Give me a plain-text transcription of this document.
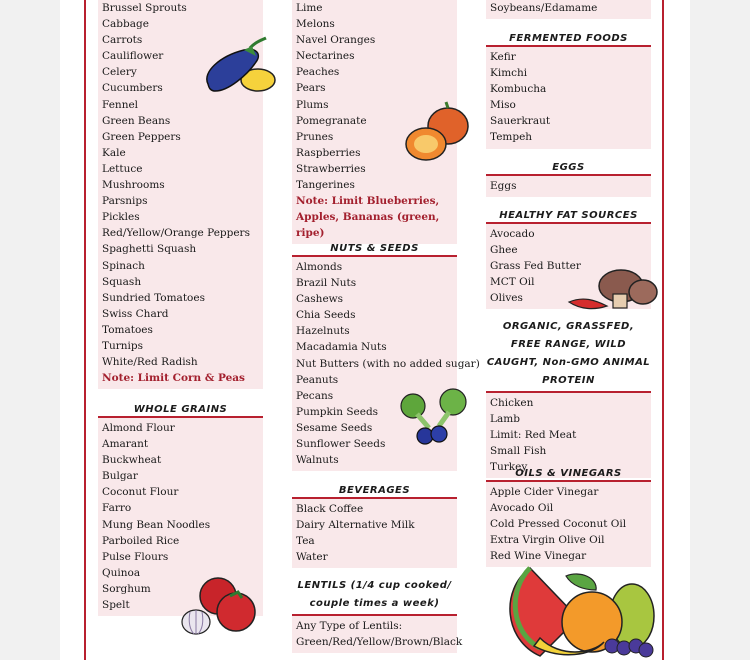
Brussel Sprouts
Cabbage
Carrots
Cauliflower
Celery
Cucumbers
Fennel
Green Beans
Green Peppers
Kale
Lettuce
Mushrooms
Parsnips
Pickles
Red/Yellow/Orange Peppers
Spaghetti Squash
Spinach
Squash
Sundried Tomatoes
Swiss Chard
Tomatoes
Turnips
White/Red Radish
Note: Limit Corn & Peas
WHOLE GRAINS
Almond Flour
Amarant
Buckwheat
Bulgar
Coconut Flour
Farro
Mung Bean Noodles
Parboiled Rice
Pulse Flours
Quinoa
Sorghum
Spelt
Lime
Melons
Navel Oranges
Nectarines
Peaches
Pears
Plums
Pomegranate
Prunes
Raspberries
Strawberries
Tangerines
Note: Limit Blueberries, Apples, Bananas (green, ripe)
NUTS & SEEDS
Almonds
Brazil Nuts
Cashews
Chia Seeds
Hazelnuts
Macadamia Nuts
Nut Butters (with no added sugar)
Peanuts
Pecans
Pumpkin Seeds
Sesame Seeds
Sunflower Seeds
Walnuts
BEVERAGES
Black Coffee
Dairy Alternative Milk
Tea
Water
LENTILS (1/4 cup cooked/ couple times a week)
Any Type of Lentils: Green/Red/Yellow/Brown/Black
Soybeans/Edamame
FERMENTED FOODS
Kefir
Kimchi
Kombucha
Miso
Sauerkraut
Tempeh
EGGS
Eggs
HEALTHY FAT SOURCES
Avocado
Ghee
Grass Fed Butter
MCT Oil
Olives
ORGANIC, GRASSFED, FREE RANGE, WILD CAUGHT, Non-GMO ANIMAL PROTEIN
Chicken
Lamb
Limit: Red Meat
Small Fish
Turkey
OILS & VINEGARS
Apple Cider Vinegar
Avocado Oil
Cold Pressed Coconut Oil
Extra Virgin Olive Oil
Red Wine Vinegar
